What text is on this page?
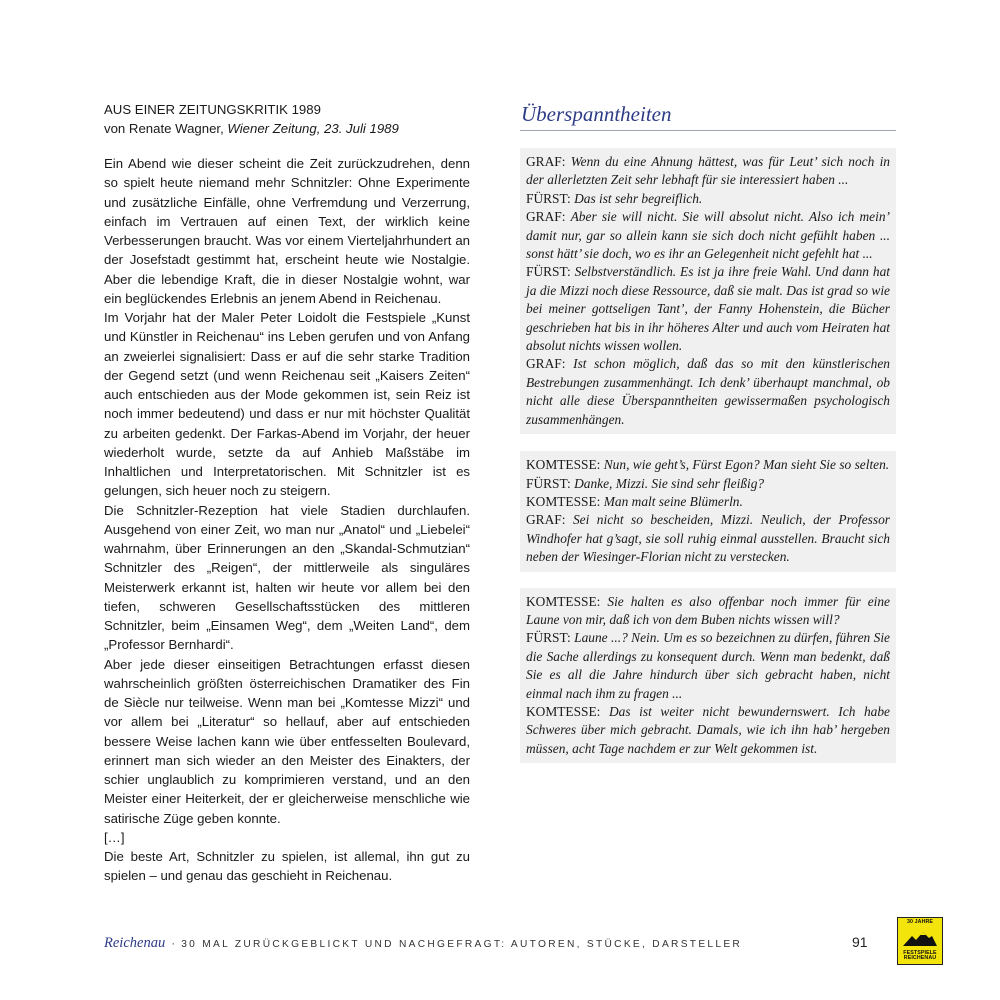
AUS EINER ZEITUNGSKRITIK 1989

von Renate Wagner, Wiener Zeitung, 23. Juli 1989

Ein Abend wie dieser scheint die Zeit zurückzudrehen, denn so spielt heute niemand mehr Schnitzler: Ohne Experimente und zusätzliche Einfälle, ohne Verfremdung und Verzerrung, einfach im Vertrauen auf einen Text, der wirklich keine Verbesserungen braucht. Was vor einem Vierteljahrhundert an der Josefstadt gestimmt hat, erscheint heute wie Nostalgie. Aber die lebendige Kraft, die in dieser Nostalgie wohnt, war ein beglückendes Erlebnis an jenem Abend in Reichenau.

Im Vorjahr hat der Maler Peter Loidolt die Festspiele „Kunst und Künstler in Reichenau“ ins Leben gerufen und von Anfang an zweierlei signalisiert: Dass er auf die sehr starke Tradition der Gegend setzt (und wenn Reichenau seit „Kaisers Zeiten“ auch entschieden aus der Mode gekommen ist, sein Reiz ist noch immer bedeutend) und dass er nur mit höchster Qualität zu arbeiten gedenkt. Der Farkas-Abend im Vorjahr, der heuer wiederholt wurde, setzte da auf Anhieb Maßstäbe im Inhaltlichen und Interpretatorischen. Mit Schnitzler ist es gelungen, sich heuer noch zu steigern.

Die Schnitzler-Rezeption hat viele Stadien durchlaufen. Ausgehend von einer Zeit, wo man nur „Anatol“ und „Liebelei“ wahrnahm, über Erinnerungen an den „Skandal-Schmutzian“ Schnitzler des „Reigen“, der mittlerweile als singuläres Meisterwerk erkannt ist, halten wir heute vor allem bei den tiefen, schweren Gesellschaftsstücken des mittleren Schnitzler, beim „Einsamen Weg“, dem „Weiten Land“, dem „Professor Bernhardi“.

Aber jede dieser einseitigen Betrachtungen erfasst diesen wahrscheinlich größten österreichischen Dramatiker des Fin de Siècle nur teilweise. Wenn man bei „Komtesse Mizzi“ und vor allem bei „Literatur“ so hellauf, aber auf entschieden bessere Weise lachen kann wie über entfesselten Boulevard, erinnert man sich wieder an den Meister des Einakters, der schier unglaublich zu komprimieren verstand, und an den Meister einer Heiterkeit, der er gleicherweise menschliche wie satirische Züge geben konnte.

[…]

Die beste Art, Schnitzler zu spielen, ist allemal, ihn gut zu spielen – und genau das geschieht in Reichenau.

Überspanntheiten

GRAF: Wenn du eine Ahnung hättest, was für Leut’ sich noch in der allerletzten Zeit sehr lebhaft für sie interessiert haben ...

FÜRST: Das ist sehr begreiflich.

GRAF: Aber sie will nicht. Sie will absolut nicht. Also ich mein’ damit nur, gar so allein kann sie sich doch nicht gefühlt haben ... sonst hätt’ sie doch, wo es ihr an Gelegenheit nicht gefehlt hat ...

FÜRST: Selbstverständlich. Es ist ja ihre freie Wahl. Und dann hat ja die Mizzi noch diese Ressource, daß sie malt. Das ist grad so wie bei meiner gottseligen Tant’, der Fanny Hohenstein, die Bücher geschrieben hat bis in ihr höheres Alter und auch vom Heiraten hat absolut nichts wissen wollen.

GRAF: Ist schon möglich, daß das so mit den künstlerischen Bestrebungen zusammenhängt. Ich denk’ überhaupt manchmal, ob nicht alle diese Überspanntheiten gewissermaßen psychologisch zusammenhängen.

KOMTESSE: Nun, wie geht’s, Fürst Egon? Man sieht Sie so selten.

FÜRST: Danke, Mizzi. Sie sind sehr fleißig?

KOMTESSE: Man malt seine Blümerln.

GRAF: Sei nicht so bescheiden, Mizzi. Neulich, der Professor Windhofer hat g’sagt, sie soll ruhig einmal ausstellen. Braucht sich neben der Wiesinger-Florian nicht zu verstecken.

KOMTESSE: Sie halten es also offenbar noch immer für eine Laune von mir, daß ich von dem Buben nichts wissen will?

FÜRST: Laune ...? Nein. Um es so bezeichnen zu dürfen, führen Sie die Sache allerdings zu konsequent durch. Wenn man bedenkt, daß Sie es all die Jahre hindurch über sich gebracht haben, nicht einmal nach ihm zu fragen ...

KOMTESSE: Das ist weiter nicht bewundernswert. Ich habe Schweres über mich gebracht. Damals, wie ich ihn hab’ hergeben müssen, acht Tage nachdem er zur Welt gekommen ist.

Reichenau · 30 MAL ZURÜCKGEBLICKT UND NACHGEFRAGT: AUTOREN, STÜCKE, DARSTELLER	91
30 JAHRE
FESTSPIELE
REICHENAU
